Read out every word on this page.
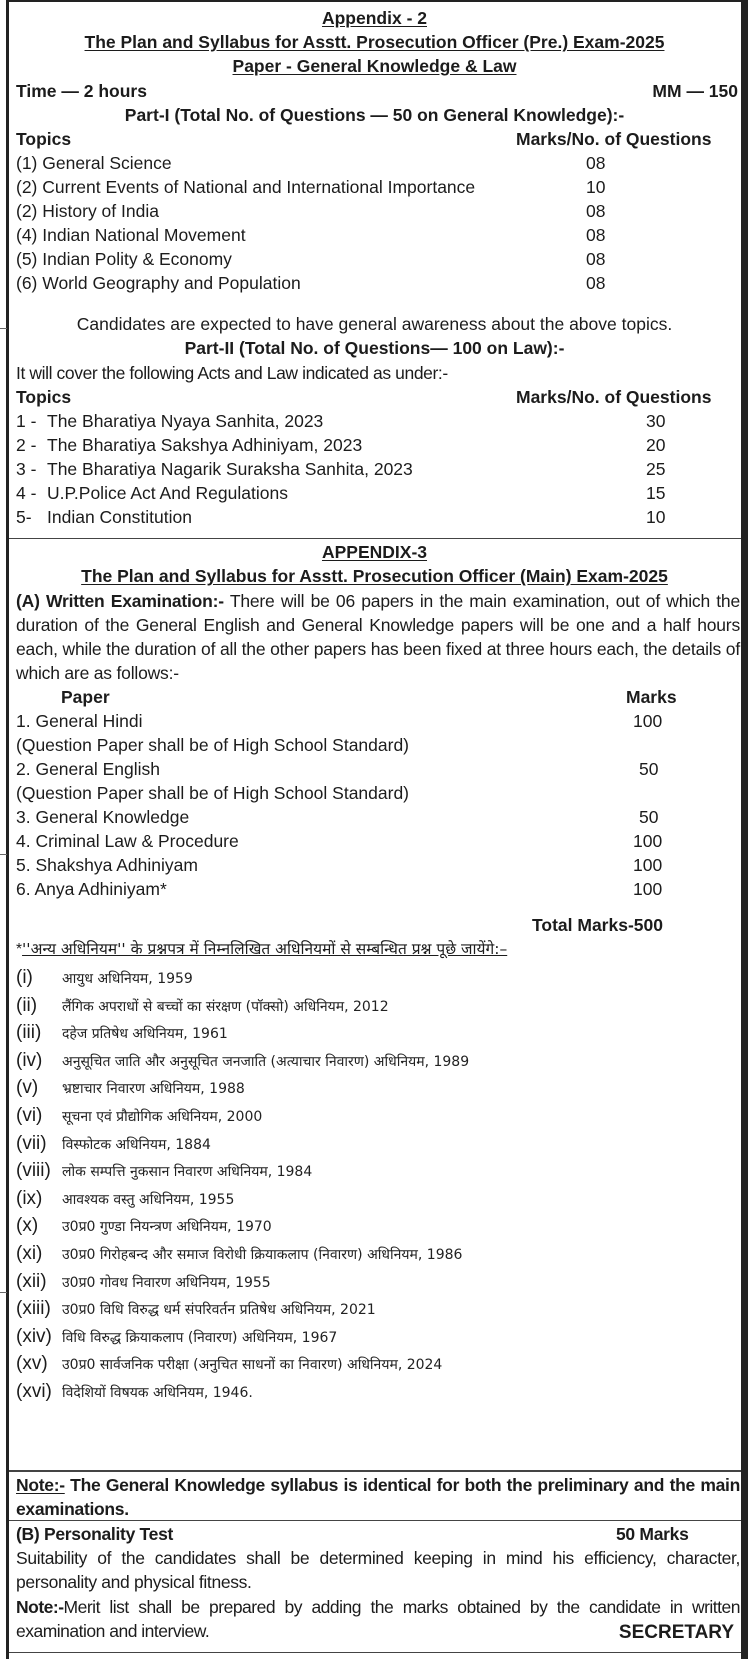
Appendix - 2
The Plan and Syllabus for Asstt. Prosecution Officer (Pre.) Exam-2025
Paper - General Knowledge & Law
Time — 2 hours	MM — 150
Part-I (Total No. of Questions — 50 on General Knowledge):-
Topics	Marks/No. of Questions
(1) General Science	08
(2) Current Events of National and International Importance	10
(2) History of India	08
(4) Indian National Movement	08
(5) Indian Polity & Economy	08
(6) World Geography and Population	08
Candidates are expected to have general awareness about the above topics.
Part-II (Total No. of Questions— 100 on Law):-
It will cover the following Acts and Law indicated as under:-
Topics	Marks/No. of Questions
1 - The Bharatiya Nyaya Sanhita, 2023	30
2 - The Bharatiya Sakshya Adhiniyam, 2023	20
3 - The Bharatiya Nagarik Suraksha Sanhita, 2023	25
4 - U.P.Police Act And Regulations	15
5- Indian Constitution	10
APPENDIX-3
The Plan and Syllabus for Asstt. Prosecution Officer (Main) Exam-2025
(A) Written Examination:- There will be 06 papers in the main examination, out of which the duration of the General English and General Knowledge papers will be one and a half hours each, while the duration of all the other papers has been fixed at three hours each, the details of which are as follows:-
Paper	Marks
1. General Hindi	100
(Question Paper shall be of High School Standard)
2. General English	50
(Question Paper shall be of High School Standard)
3. General Knowledge	50
4. Criminal Law & Procedure	100
5. Shakshya Adhiniyam	100
6. Anya Adhiniyam*	100
Total Marks-500
*''अन्य अधिनियम'' के प्रश्नपत्र में निम्नलिखित अधिनियमों से सम्बन्धित प्रश्न पूछे जायेंगे:–
(i) आयुध अधिनियम, 1959
(ii) लैंगिक अपराधों से बच्चों का संरक्षण (पॉक्सो) अधिनियम, 2012
(iii) दहेज प्रतिषेध अधिनियम, 1961
(iv) अनुसूचित जाति और अनुसूचित जनजाति (अत्याचार निवारण) अधिनियम, 1989
(v) भ्रष्टाचार निवारण अधिनियम, 1988
(vi) सूचना एवं प्रौद्योगिक अधिनियम, 2000
(vii) विस्फोटक अधिनियम, 1884
(viii) लोक सम्पत्ति नुकसान निवारण अधिनियम, 1984
(ix) आवश्यक वस्तु अधिनियम, 1955
(x) उ0प्र0 गुण्डा नियन्त्रण अधिनियम, 1970
(xi) उ0प्र0 गिरोहबन्द और समाज विरोधी क्रियाकलाप (निवारण) अधिनियम, 1986
(xii) उ0प्र0 गोवध निवारण अधिनियम, 1955
(xiii) उ0प्र0 विधि विरुद्ध धर्म संपरिवर्तन प्रतिषेध अधिनियम, 2021
(xiv) विधि विरुद्ध क्रियाकलाप (निवारण) अधिनियम, 1967
(xv) उ0प्र0 सार्वजनिक परीक्षा (अनुचित साधनों का निवारण) अधिनियम, 2024
(xvi) विदेशियों विषयक अधिनियम, 1946.
Note:- The General Knowledge syllabus is identical for both the preliminary and the main examinations.
(B) Personality Test	50 Marks
Suitability of the candidates shall be determined keeping in mind his efficiency, character, personality and physical fitness.
Note:-Merit list shall be prepared by adding the marks obtained by the candidate in written examination and interview.	SECRETARY
